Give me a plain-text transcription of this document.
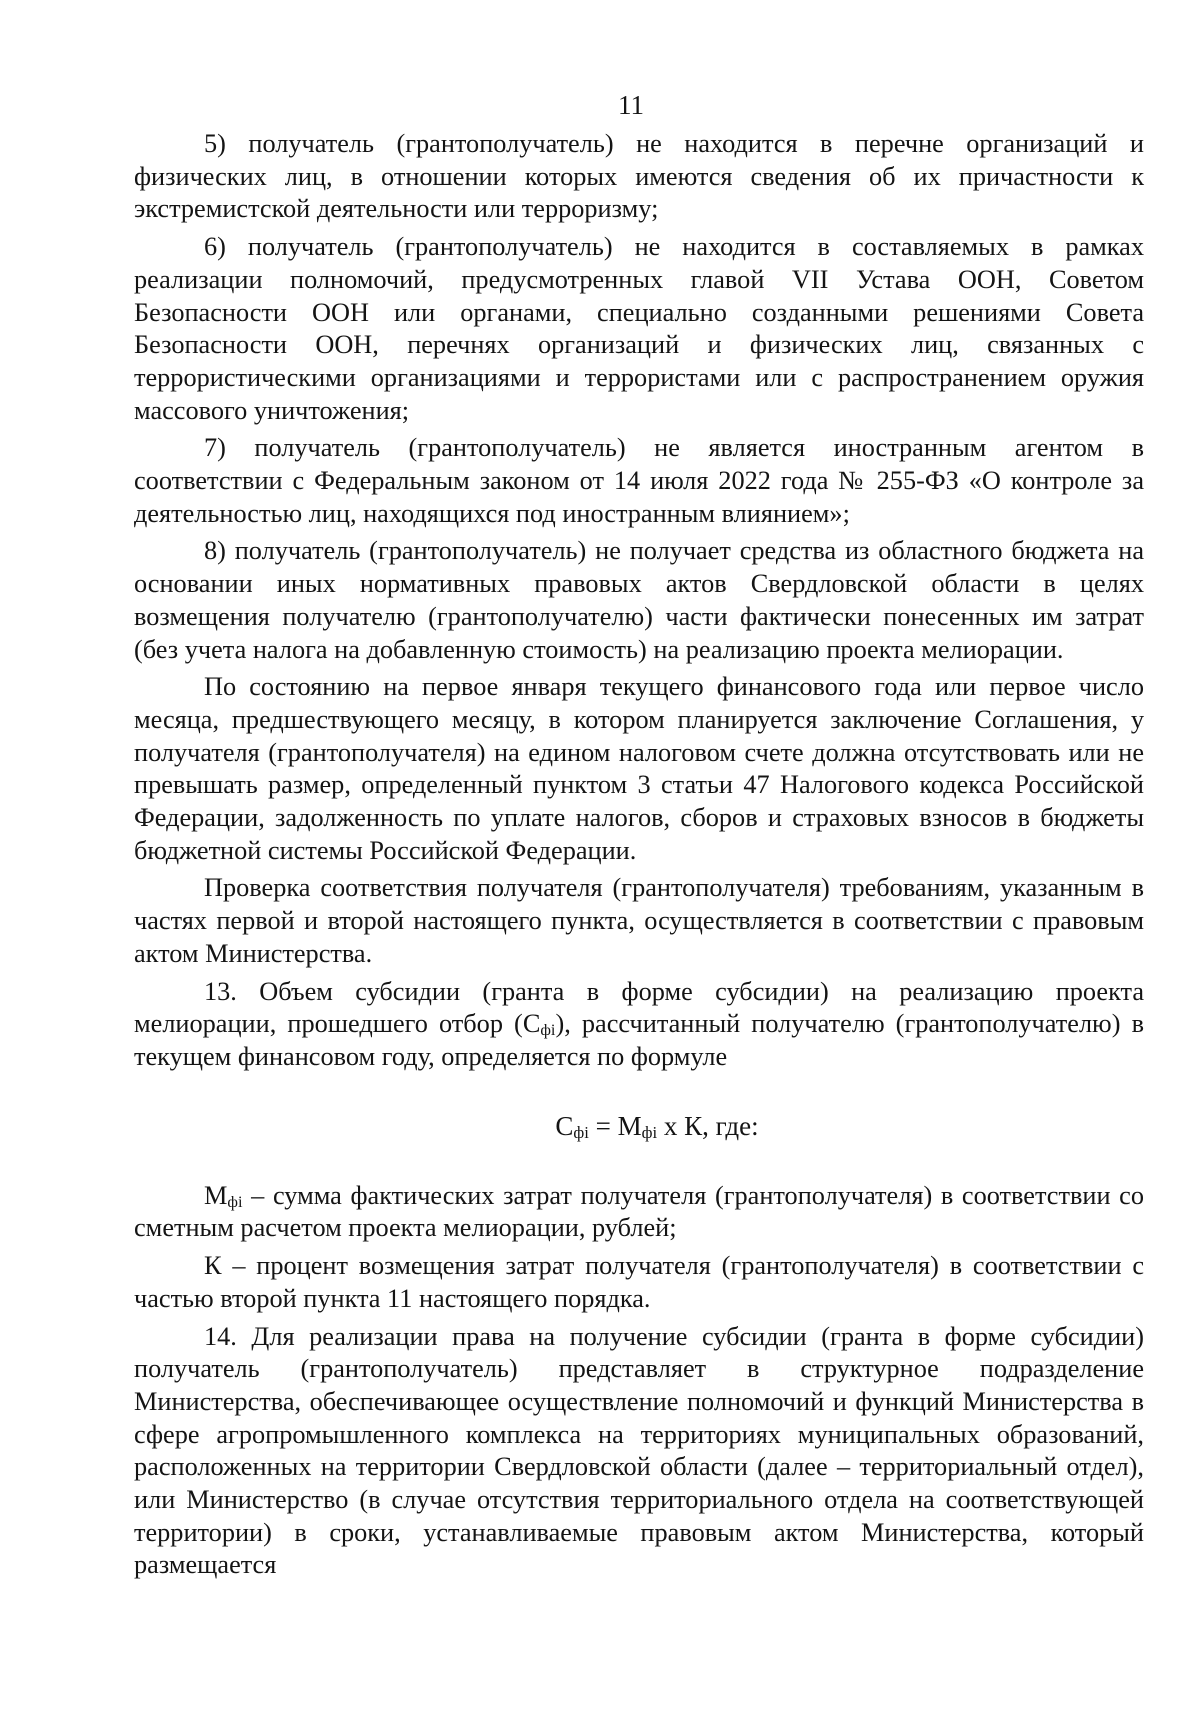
11

5) получатель (грантополучатель) не находится в перечне организаций и физических лиц, в отношении которых имеются сведения об их причастности к экстремистской деятельности или терроризму;

6) получатель (грантополучатель) не находится в составляемых в рамках реализации полномочий, предусмотренных главой VII Устава ООН, Советом Безопасности ООН или органами, специально созданными решениями Совета Безопасности ООН, перечнях организаций и физических лиц, связанных с террористическими организациями и террористами или с распространением оружия массового уничтожения;

7) получатель (грантополучатель) не является иностранным агентом в соответствии с Федеральным законом от 14 июля 2022 года № 255-ФЗ «О контроле за деятельностью лиц, находящихся под иностранным влиянием»;

8) получатель (грантополучатель) не получает средства из областного бюджета на основании иных нормативных правовых актов Свердловской области в целях возмещения получателю (грантополучателю) части фактически понесенных им затрат (без учета налога на добавленную стоимость) на реализацию проекта мелиорации.

По состоянию на первое января текущего финансового года или первое число месяца, предшествующего месяцу, в котором планируется заключение Соглашения, у получателя (грантополучателя) на едином налоговом счете должна отсутствовать или не превышать размер, определенный пунктом 3 статьи 47 Налогового кодекса Российской Федерации, задолженность по уплате налогов, сборов и страховых взносов в бюджеты бюджетной системы Российской Федерации.

Проверка соответствия получателя (грантополучателя) требованиям, указанным в частях первой и второй настоящего пункта, осуществляется в соответствии с правовым актом Министерства.

13. Объем субсидии (гранта в форме субсидии) на реализацию проекта мелиорации, прошедшего отбор $(С_{фi})$, рассчитанный получателю (грантополучателю) в текущем финансовом году, определяется по формуле

$С_{фi} = М_{фi}$ х К, где:

$М_{фi}$ – сумма фактических затрат получателя (грантополучателя) в соответствии со сметным расчетом проекта мелиорации, рублей;

К – процент возмещения затрат получателя (грантополучателя) в соответствии с частью второй пункта 11 настоящего порядка.

14. Для реализации права на получение субсидии (гранта в форме субсидии) получатель (грантополучатель) представляет в структурное подразделение Министерства, обеспечивающее осуществление полномочий и функций Министерства в сфере агропромышленного комплекса на территориях муниципальных образований, расположенных на территории Свердловской области (далее – территориальный отдел), или Министерство (в случае отсутствия территориального отдела на соответствующей территории) в сроки, устанавливаемые правовым актом Министерства, который размещается
